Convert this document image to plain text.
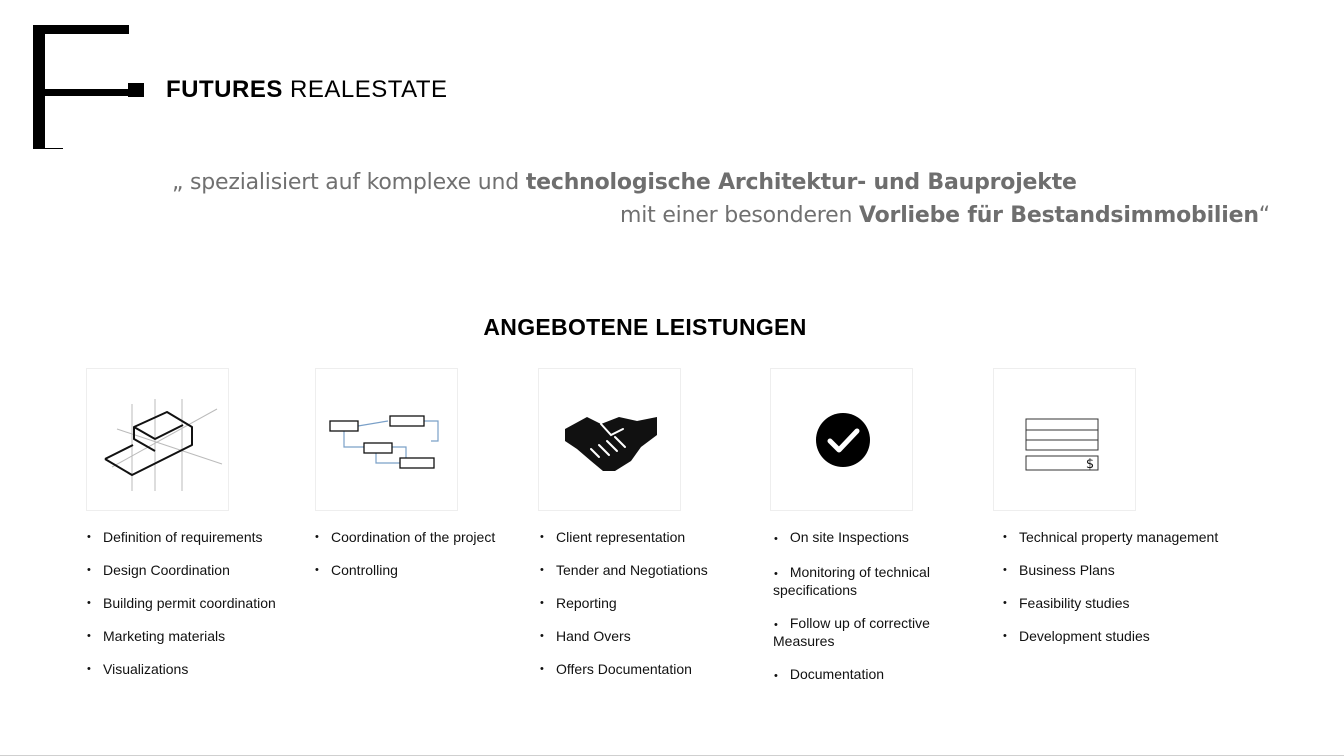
FUTURES REALESTATE
„ spezialisiert auf komplexe und technologische Architektur- und Bauprojekte
mit einer besonderen Vorliebe für Bestandsimmobilien“
ANGEBOTENE LEISTUNGEN
$
• Definition of requirements
• Design Coordination
• Building permit coordination
• Marketing materials
• Visualizations
• Coordination of the project
• Controlling
• Client representation
• Tender and Negotiations
• Reporting
• Hand Overs
• Offers Documentation
• On site Inspections
• Monitoring of technical specifications
• Follow up of corrective Measures
• Documentation
• Technical property management
• Business Plans
• Feasibility studies
• Development studies
